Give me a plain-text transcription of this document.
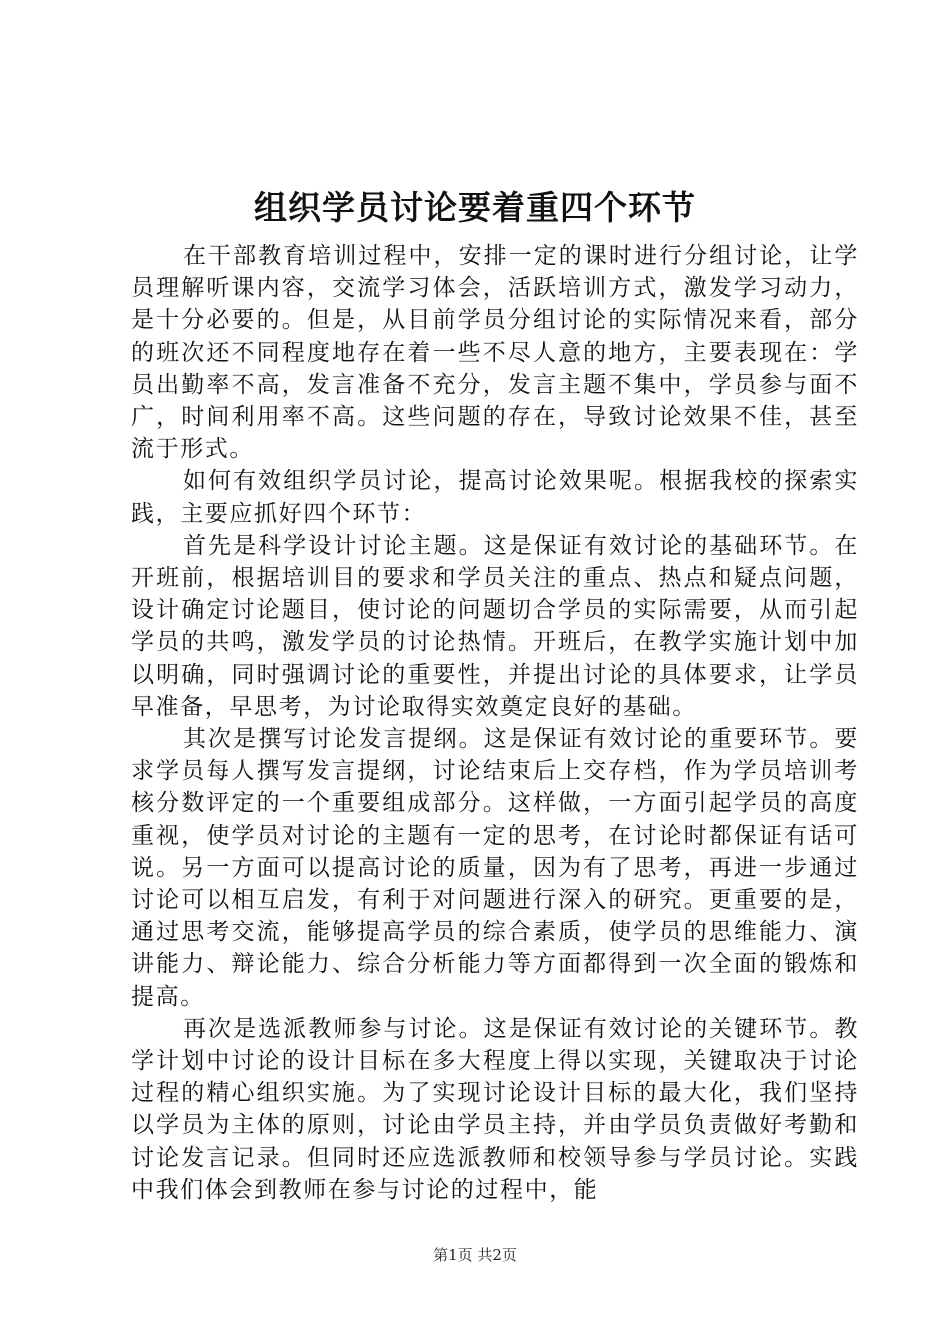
组织学员讨论要着重四个环节

在干部教育培训过程中，安排一定的课时进行分组讨论，让学员理解听课内容，交流学习体会，活跃培训方式，激发学习动力，是十分必要的。但是，从目前学员分组讨论的实际情况来看，部分的班次还不同程度地存在着一些不尽人意的地方，主要表现在：学员出勤率不高，发言准备不充分，发言主题不集中，学员参与面不广，时间利用率不高。这些问题的存在，导致讨论效果不佳，甚至流于形式。

如何有效组织学员讨论，提高讨论效果呢。根据我校的探索实践，主要应抓好四个环节：

首先是科学设计讨论主题。这是保证有效讨论的基础环节。在开班前，根据培训目的要求和学员关注的重点、热点和疑点问题，设计确定讨论题目，使讨论的问题切合学员的实际需要，从而引起学员的共鸣，激发学员的讨论热情。开班后，在教学实施计划中加以明确，同时强调讨论的重要性，并提出讨论的具体要求，让学员早准备，早思考，为讨论取得实效奠定良好的基础。

其次是撰写讨论发言提纲。这是保证有效讨论的重要环节。要求学员每人撰写发言提纲，讨论结束后上交存档，作为学员培训考核分数评定的一个重要组成部分。这样做，一方面引起学员的高度重视，使学员对讨论的主题有一定的思考，在讨论时都保证有话可说。另一方面可以提高讨论的质量，因为有了思考，再进一步通过讨论可以相互启发，有利于对问题进行深入的研究。更重要的是，通过思考交流，能够提高学员的综合素质，使学员的思维能力、演讲能力、辩论能力、综合分析能力等方面都得到一次全面的锻炼和提高。

再次是选派教师参与讨论。这是保证有效讨论的关键环节。教学计划中讨论的设计目标在多大程度上得以实现，关键取决于讨论过程的精心组织实施。为了实现讨论设计目标的最大化，我们坚持以学员为主体的原则，讨论由学员主持，并由学员负责做好考勤和讨论发言记录。但同时还应选派教师和校领导参与学员讨论。实践中我们体会到教师在参与讨论的过程中，能

第1页 共2页
